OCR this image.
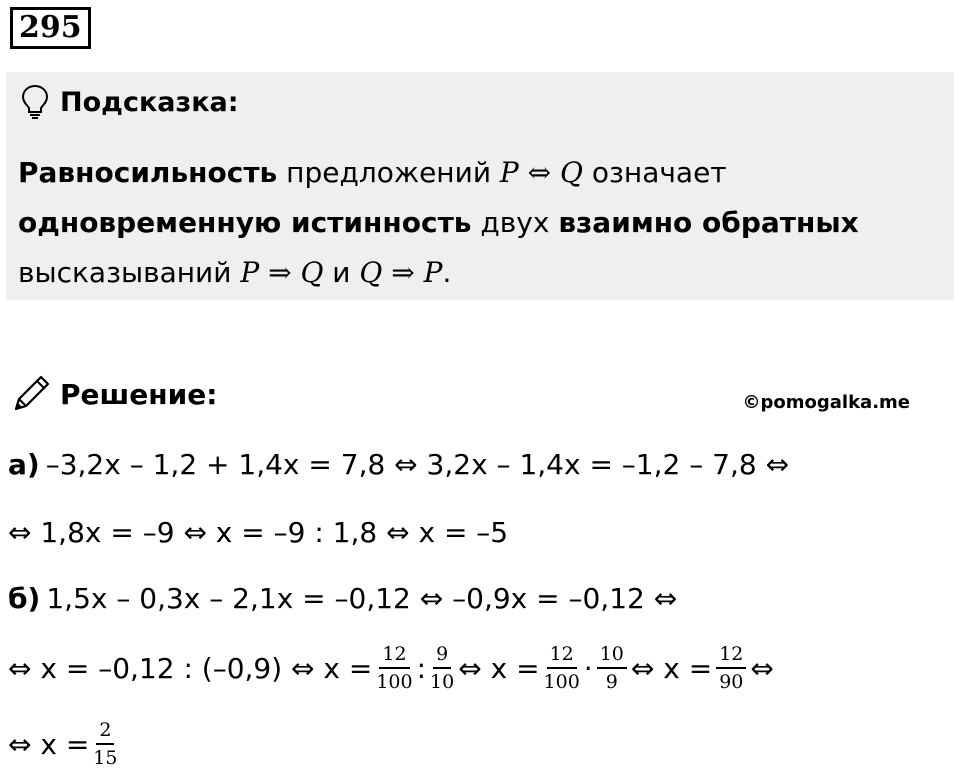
295
Подсказка:
Равносильность предложений P ⇔ Q означает
одновременную истинность двух взаимно обратных
высказываний P ⇒ Q и Q ⇒ P.
Решение:	©pomogalka.me
а) –3,2x – 1,2 + 1,4x = 7,8 ⇔ 3,2x – 1,4x = –1,2 – 7,8 ⇔
⇔ 1,8x = –9 ⇔ x = –9 : 1,8 ⇔ x = –5
б) 1,5x – 0,3x – 2,1x = –0,12 ⇔ –0,9x = –0,12 ⇔
⇔ x = –0,12 : (–0,9) ⇔ $x = \frac{12}{100}$ : $\frac{9}{10}$ ⇔ $x = \frac{12}{100} \cdot \frac{10}{9}$ ⇔ $x = \frac{12}{90}$ ⇔
⇔ $x = \frac{2}{15}$
